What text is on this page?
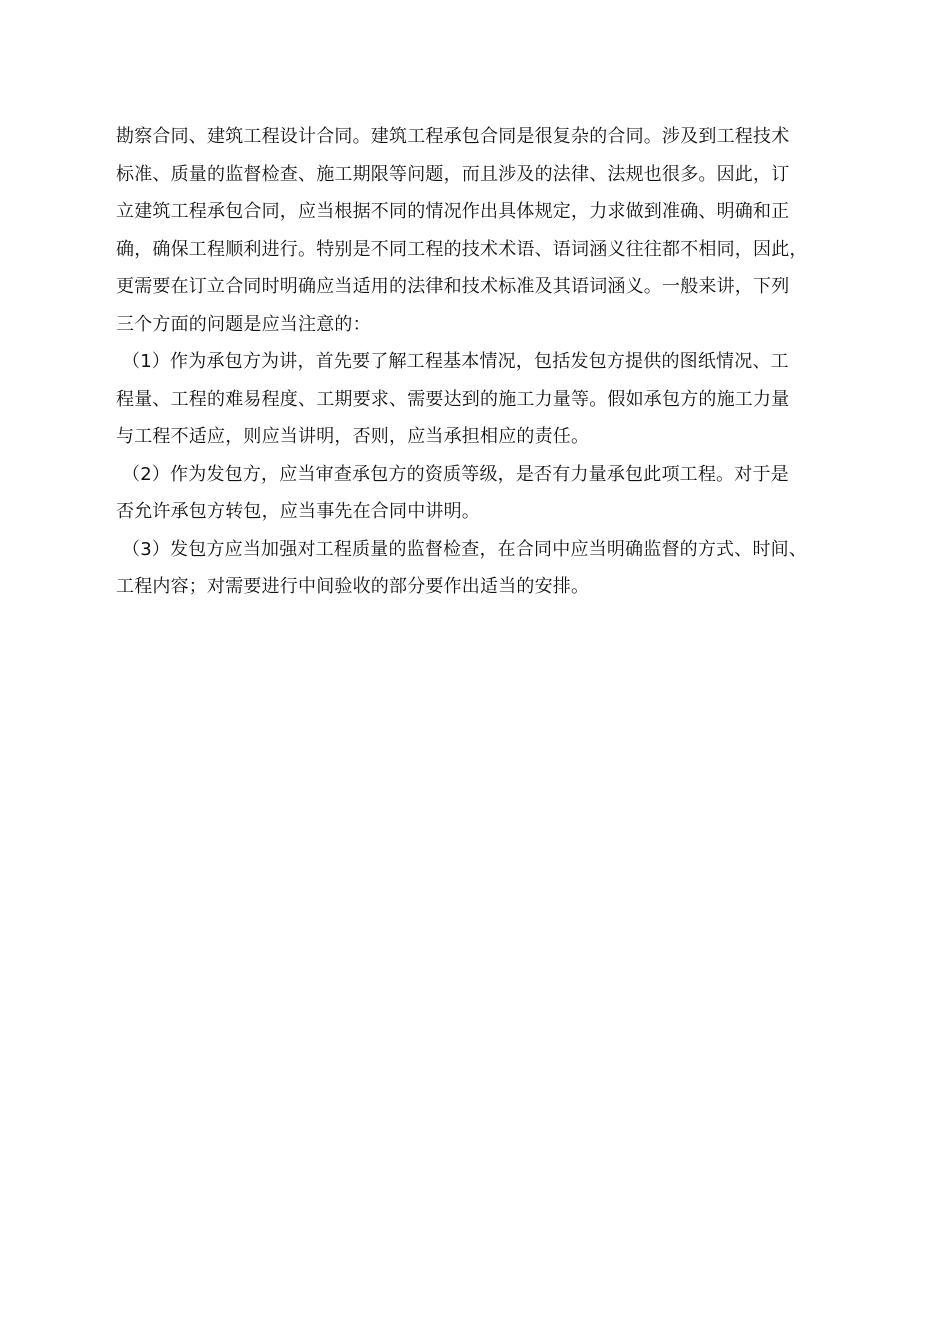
勘察合同、建筑工程设计合同。建筑工程承包合同是很复杂的合同。涉及到工程技术
标准、质量的监督检查、施工期限等问题，而且涉及的法律、法规也很多。因此，订
立建筑工程承包合同，应当根据不同的情况作出具体规定，力求做到准确、明确和正
确，确保工程顺利进行。特别是不同工程的技术术语、语词涵义往往都不相同，因此，
更需要在订立合同时明确应当适用的法律和技术标准及其语词涵义。一般来讲，下列
三个方面的问题是应当注意的：
（1）作为承包方为讲，首先要了解工程基本情况，包括发包方提供的图纸情况、工
程量、工程的难易程度、工期要求、需要达到的施工力量等。假如承包方的施工力量
与工程不适应，则应当讲明，否则，应当承担相应的责任。
（2）作为发包方，应当审查承包方的资质等级，是否有力量承包此项工程。对于是
否允许承包方转包，应当事先在合同中讲明。
（3）发包方应当加强对工程质量的监督检查，在合同中应当明确监督的方式、时间、
工程内容；对需要进行中间验收的部分要作出适当的安排。
